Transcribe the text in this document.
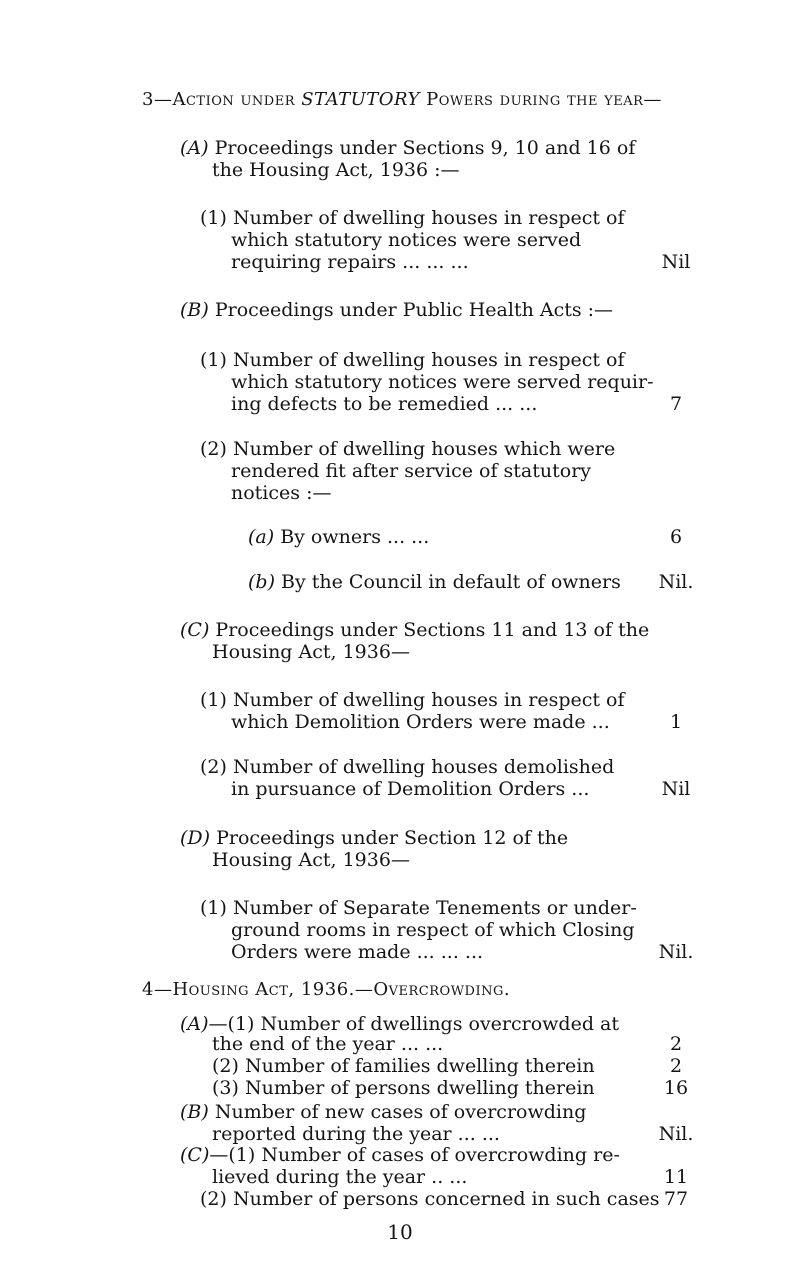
3—Action under STATUTORY Powers during the year—
(A) Proceedings under Sections 9, 10 and 16 of
the Housing Act, 1936 :—
(1) Number of dwelling houses in respect of
which statutory notices were served
requiring repairs ... ... ...	Nil
(B) Proceedings under Public Health Acts :—
(1) Number of dwelling houses in respect of
which statutory notices were served requir-
ing defects to be remedied ... ...	7
(2) Number of dwelling houses which were
rendered fit after service of statutory
notices :—
(a) By owners ... ...	6
(b) By the Council in default of owners	Nil.
(C) Proceedings under Sections 11 and 13 of the
Housing Act, 1936—
(1) Number of dwelling houses in respect of
which Demolition Orders were made ...	1
(2) Number of dwelling houses demolished
in pursuance of Demolition Orders ...	Nil
(D) Proceedings under Section 12 of the
Housing Act, 1936—
(1) Number of Separate Tenements or under-
ground rooms in respect of which Closing
Orders were made ... ... ...	Nil.
4—Housing Act, 1936.—Overcrowding.
(A)—(1) Number of dwellings overcrowded at
the end of the year ... ...	2
(2) Number of families dwelling therein	2
(3) Number of persons dwelling therein	16
10
(B) Number of new cases of overcrowding
reported during the year ... ...	Nil.
(C)—(1) Number of cases of overcrowding re-
lieved during the year .. ...	11
(2) Number of persons concerned in such cases 77
